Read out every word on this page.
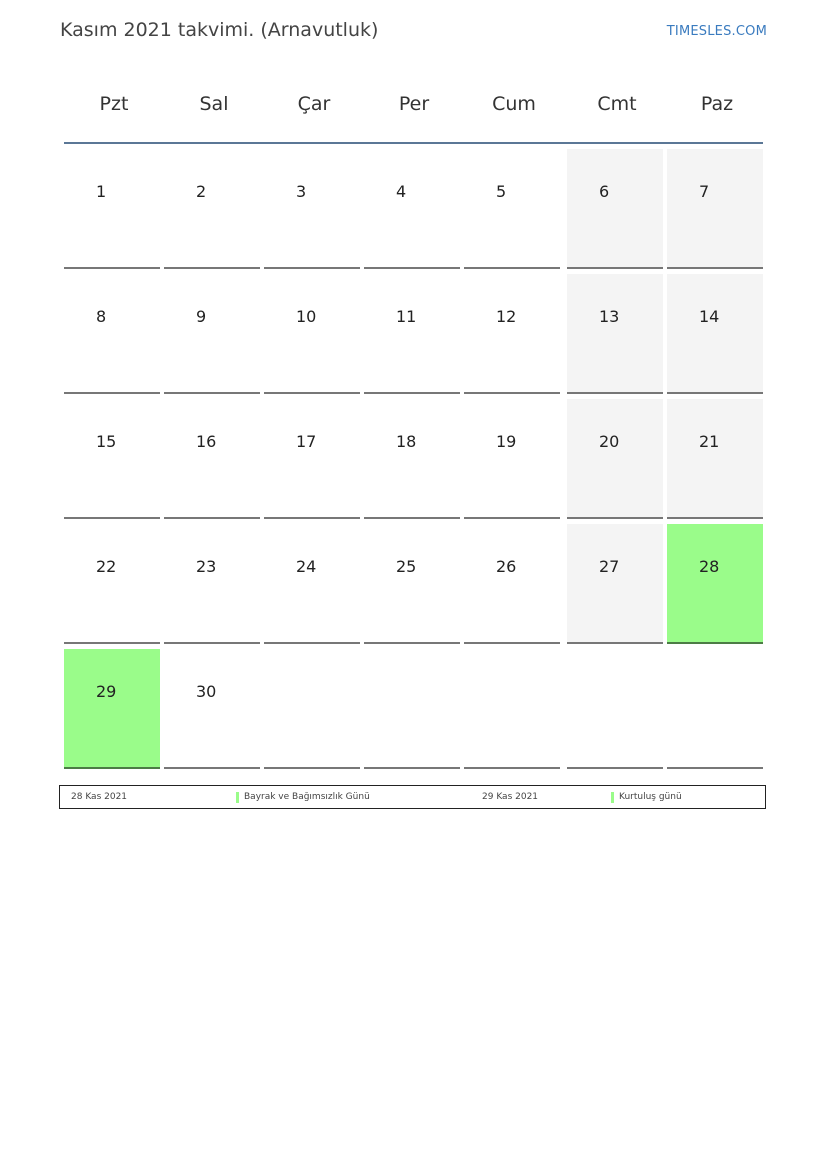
Kasım 2021 takvimi. (Arnavutluk)	TIMESLES.COM
Pzt	Sal	Çar	Per	Cum	Cmt	Paz
1	2	3	4	5	6	7
8	9	10	11	12	13	14
15	16	17	18	19	20	21
22	23	24	25	26	27	28
29	30
28 Kas 2021	Bayrak ve Bağımsızlık Günü	29 Kas 2021	Kurtuluş günü
